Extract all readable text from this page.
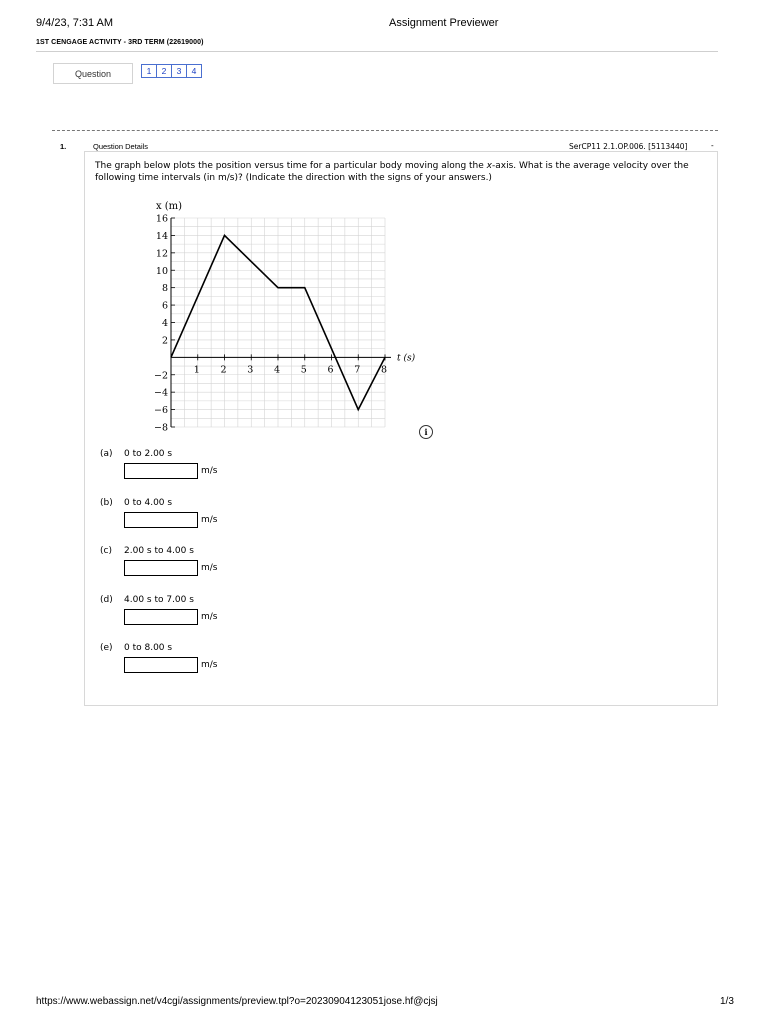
9/4/23, 7:31 AM	Assignment Previewer
1ST CENGAGE ACTIVITY - 3RD TERM (22619000)
Question	1	2	3	4
1.	Question Details	SerCP11 2.1.OP.006. [5113440]	-
The graph below plots the position versus time for a particular body moving along the x-axis. What is the average velocity over the following time intervals (in m/s)? (Indicate the direction with the signs of your answers.)
16
14
12
10
8
6
4
2
−2
−4
−6
−8
1 2 3 4 5 6 7 8
x (m)
t (s)
i
(a) 0 to 2.00 s
m/s
(b) 0 to 4.00 s
m/s
(c) 2.00 s to 4.00 s
m/s
(d) 4.00 s to 7.00 s
m/s
(e) 0 to 8.00 s
m/s
https://www.webassign.net/v4cgi/assignments/preview.tpl?o=20230904123051jose.hf@cjsj	1/3
